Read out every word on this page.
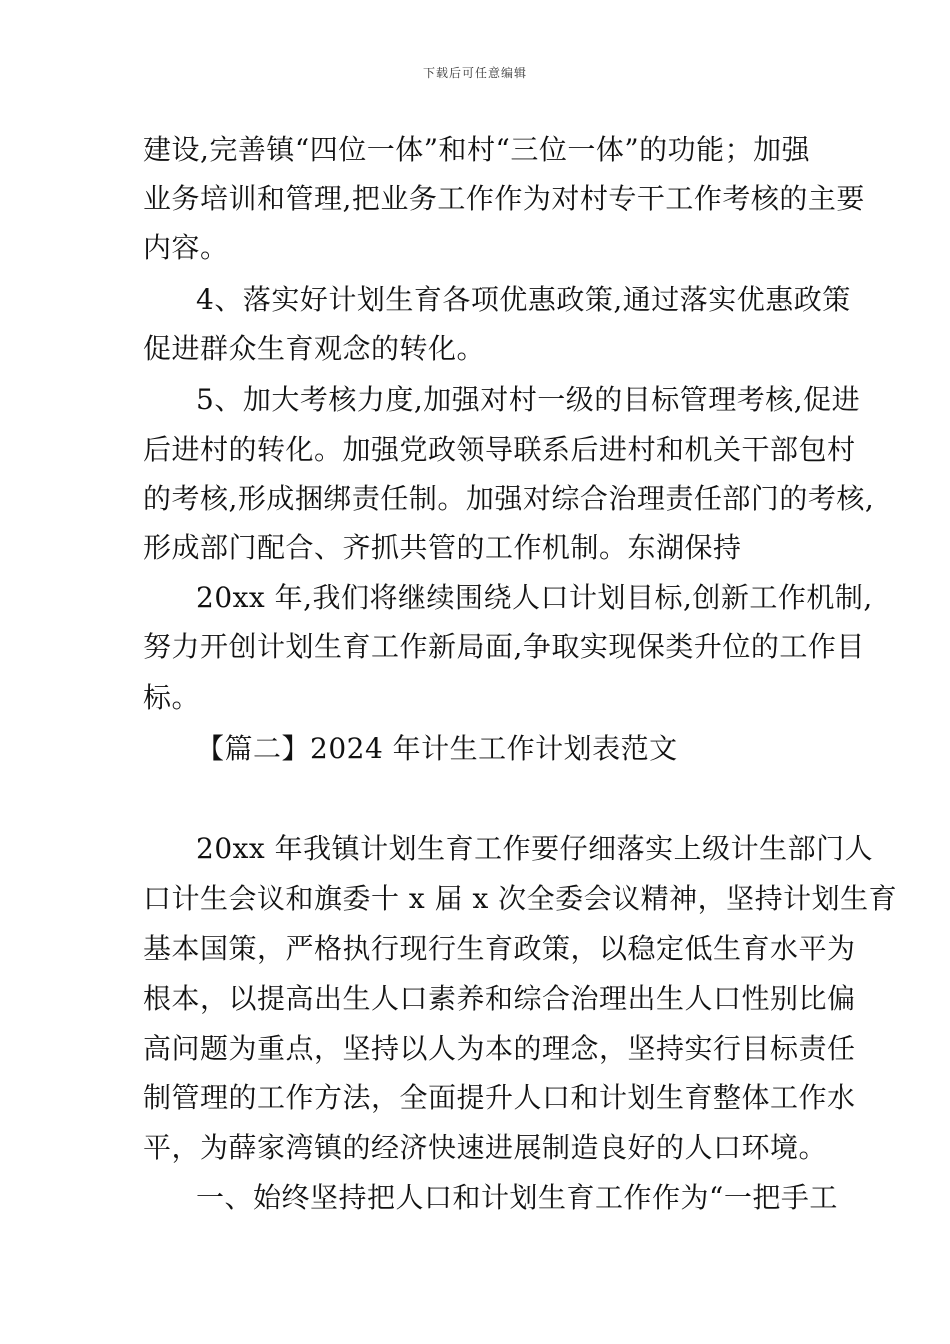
下载后可任意编辑
建设,完善镇“四位一体”和村“三位一体”的功能；加强
业务培训和管理,把业务工作作为对村专干工作考核的主要
内容。
4、落实好计划生育各项优惠政策,通过落实优惠政策
促进群众生育观念的转化。
5、加大考核力度,加强对村一级的目标管理考核,促进
后进村的转化。加强党政领导联系后进村和机关干部包村
的考核,形成捆绑责任制。加强对综合治理责任部门的考核,
形成部门配合、齐抓共管的工作机制。东湖保持
20xx 年,我们将继续围绕人口计划目标,创新工作机制,
努力开创计划生育工作新局面,争取实现保类升位的工作目
标。
【篇二】2024 年计生工作计划表范文
20xx 年我镇计划生育工作要仔细落实上级计生部门人
口计生会议和旗委十 x 届 x 次全委会议精神，坚持计划生育
基本国策，严格执行现行生育政策，以稳定低生育水平为
根本，以提高出生人口素养和综合治理出生人口性别比偏
高问题为重点，坚持以人为本的理念，坚持实行目标责任
制管理的工作方法，全面提升人口和计划生育整体工作水
平，为薛家湾镇的经济快速进展制造良好的人口环境。
一、始终坚持把人口和计划生育工作作为“一把手工
